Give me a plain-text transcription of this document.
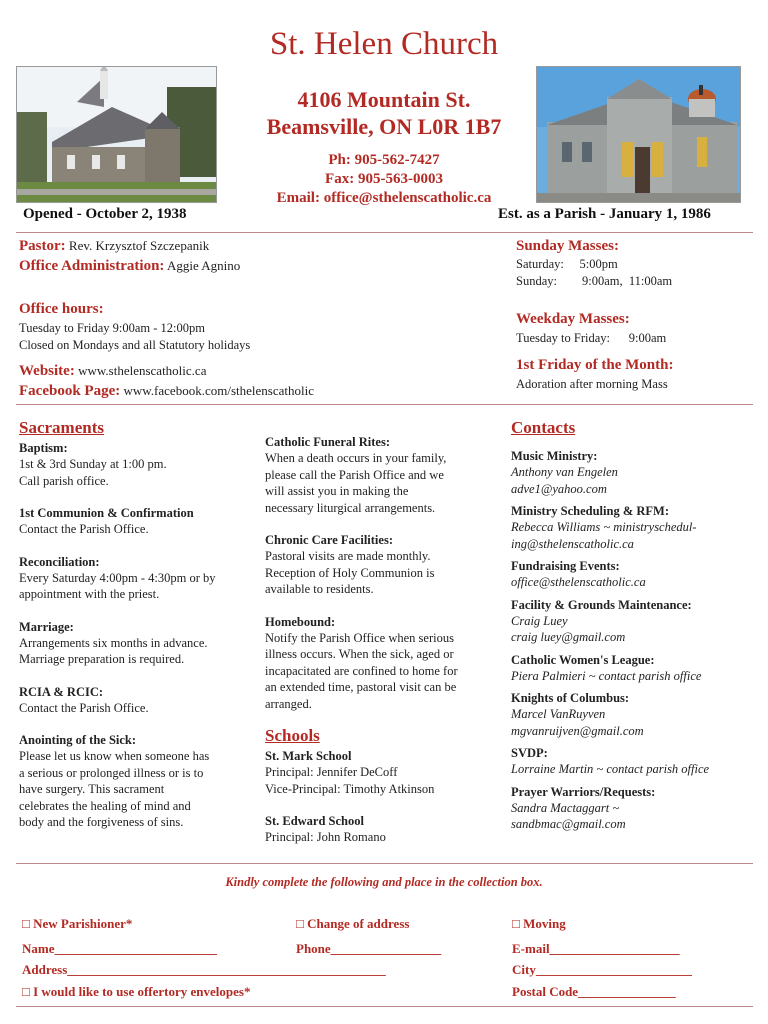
St. Helen Church
4106 Mountain St.
Beamsville, ON L0R 1B7
Ph: 905-562-7427
Fax: 905-563-0003
Email: office@sthelenscatholic.ca
Opened - October 2, 1938	Est. as a Parish - January 1, 1986
Pastor: Rev. Krzysztof Szczepanik
Office Administration: Aggie Agnino
Office hours:
Tuesday to Friday 9:00am - 12:00pm
Closed on Mondays and all Statutory holidays
Website: www.sthelenscatholic.ca
Facebook Page: www.facebook.com/sthelenscatholic
Sunday Masses:
Saturday:     5:00pm
Sunday:        9:00am,  11:00am
Weekday Masses:
Tuesday to Friday:      9:00am
1st Friday of the Month:
Adoration after morning Mass
Sacraments
Baptism:
1st & 3rd Sunday at 1:00 pm.
Call parish office.
1st Communion & Confirmation
Contact the Parish Office.
Reconciliation:
Every Saturday 4:00pm - 4:30pm or by
appointment with the priest.
Marriage:
Arrangements six months in advance.
Marriage preparation is required.
RCIA & RCIC:
Contact the Parish Office.
Anointing of the Sick:
Please let us know when someone has
a serious or prolonged illness or is to
have surgery. This sacrament
celebrates the healing of mind and
body and the forgiveness of sins.
Catholic Funeral Rites:
When a death occurs in your family,
please call the Parish Office and we
will assist you in making the
necessary liturgical arrangements.
Chronic Care Facilities:
Pastoral visits are made monthly.
Reception of Holy Communion is
available to residents.
Homebound:
Notify the Parish Office when serious
illness occurs. When the sick, aged or
incapacitated are confined to home for
an extended time, pastoral visit can be
arranged.
Schools
St. Mark School
Principal: Jennifer DeCoff
Vice-Principal: Timothy Atkinson
St. Edward School
Principal: John Romano
Contacts
Music Ministry:
Anthony van Engelen
adve1@yahoo.com
Ministry Scheduling & RFM:
Rebecca Williams ~ ministryschedul-
ing@sthelenscatholic.ca
Fundraising Events:
office@sthelenscatholic.ca
Facility & Grounds Maintenance:
Craig Luey
craig luey@gmail.com
Catholic Women's League:
Piera Palmieri ~ contact parish office
Knights of Columbus:
Marcel VanRuyven
mgvanruijven@gmail.com
SVDP:
Lorraine Martin ~ contact parish office
Prayer Warriors/Requests:
Sandra Mactaggart ~
sandbmac@gmail.com
Kindly complete the following and place in the collection box.
□ New Parishioner*	□ Change of address	□ Moving
Name_________________________	Phone_________________	E-mail____________________
Address_________________________________________________	City________________________
□ I would like to use offertory envelopes*	Postal Code_______________
